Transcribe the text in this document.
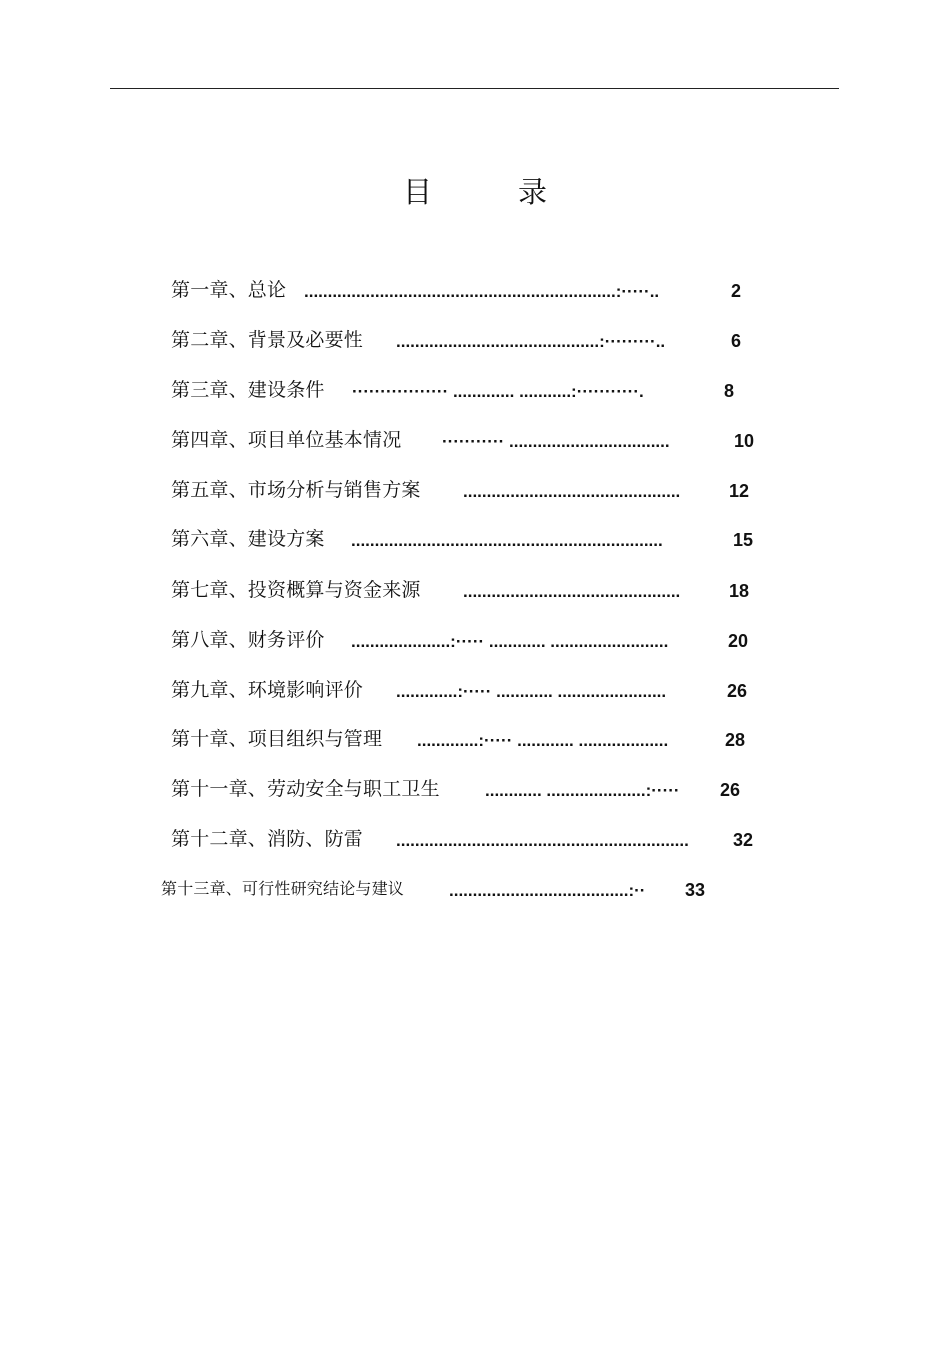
目	录
第一章、总论 ..................................................................:·····..	2
第二章、背景及必要性 ...........................................:·········..	6
第三章、建设条件 ················· ............. ...........:···········.	8
第四章、项目单位基本情况 ··········· ..................................	10
第五章、市场分析与销售方案 ..............................................	12
第六章、建设方案 ..................................................................	15
第七章、投资概算与资金来源 ..............................................	18
第八章、财务评价 .....................:····· ............ .........................	20
第九章、环境影响评价 .............:····· ............ .......................	26
第十章、项目组织与管理 .............:····· ............ ...................	28
第十一章、劳动安全与职工卫生	............ .....................:·····	26
第十二章、消防、防雷 ..............................................................	32
第十三章、可行性研究结论与建议	......................................:··	33
